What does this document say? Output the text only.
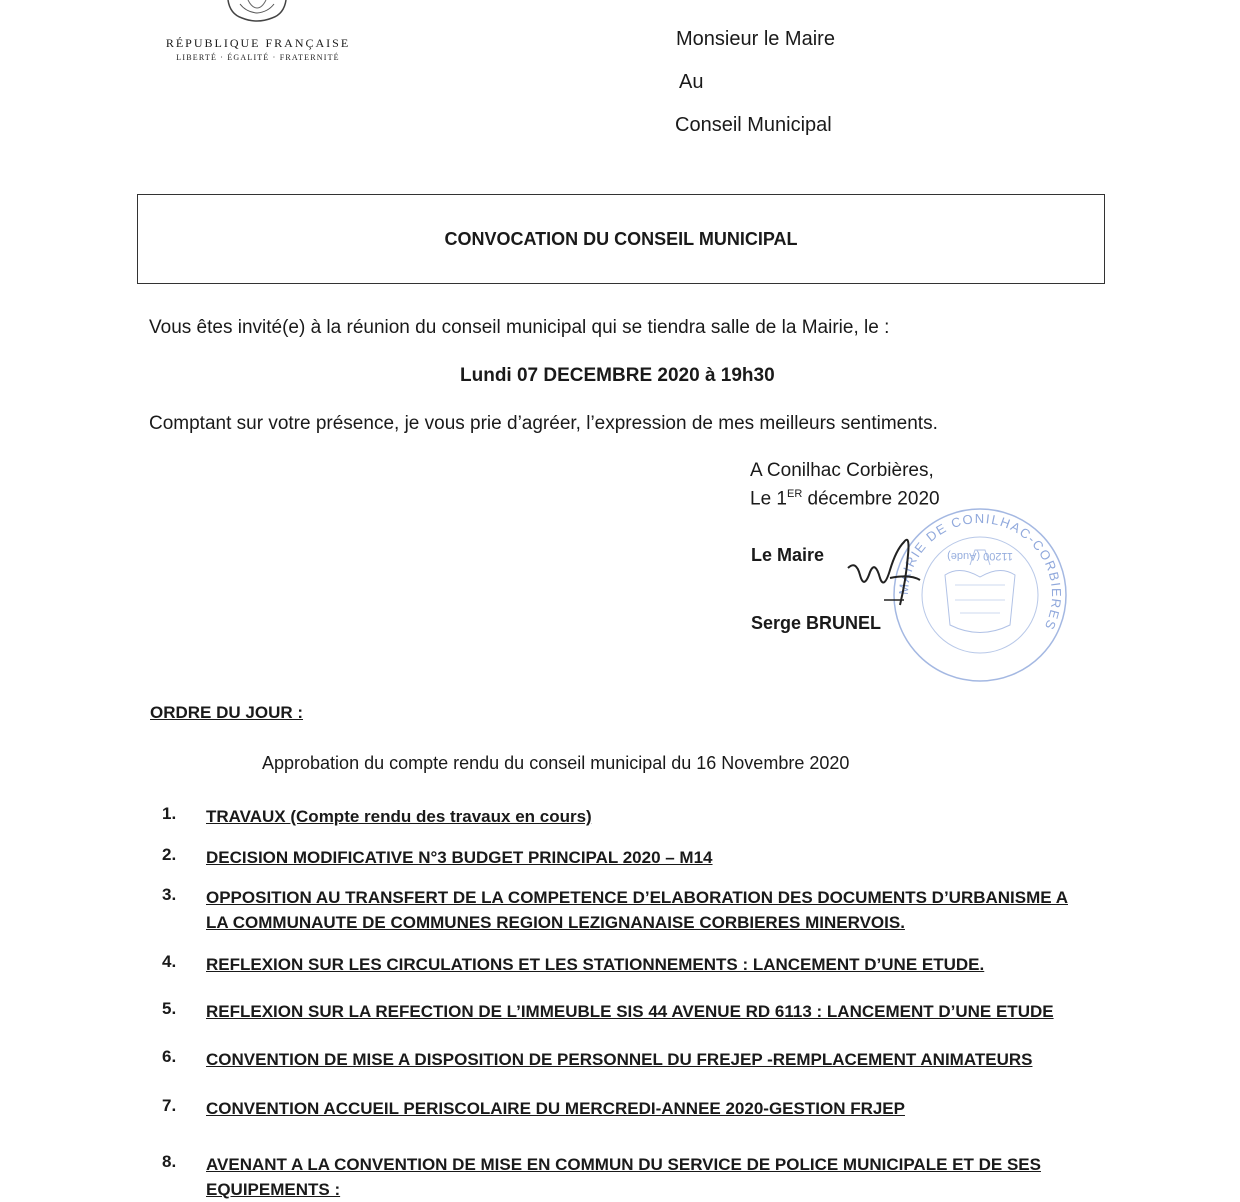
RÉPUBLIQUE FRANÇAISE
LIBERTÉ · ÉGALITÉ · FRATERNITÉ
Monsieur le Maire
Au
Conseil Municipal
CONVOCATION DU CONSEIL MUNICIPAL
Vous êtes invité(e) à la réunion du conseil municipal qui se tiendra salle de la Mairie, le :
Lundi 07 DECEMBRE 2020 à 19h30
Comptant sur votre présence, je vous prie d’agréer, l’expression de mes meilleurs sentiments.
MAIRIE DE CONILHAC-CORBIERES
11200 (Aude)
A Conilhac Corbières,
Le 1ER décembre 2020
Le Maire
Serge BRUNEL
ORDRE DU JOUR :
Approbation du compte rendu du conseil municipal du 16 Novembre 2020
1.	TRAVAUX (Compte rendu des travaux en cours)
2.	DECISION MODIFICATIVE N°3 BUDGET PRINCIPAL 2020 – M14
3.	OPPOSITION AU TRANSFERT DE LA COMPETENCE D’ELABORATION DES DOCUMENTS D’URBANISME A LA COMMUNAUTE DE COMMUNES REGION LEZIGNANAISE CORBIERES MINERVOIS.
4.	REFLEXION SUR LES CIRCULATIONS ET LES STATIONNEMENTS : LANCEMENT D’UNE ETUDE.
5.	REFLEXION SUR LA REFECTION DE L’IMMEUBLE SIS 44 AVENUE RD 6113 : LANCEMENT D’UNE ETUDE
6.	CONVENTION DE MISE A DISPOSITION DE PERSONNEL DU FREJEP -REMPLACEMENT ANIMATEURS
7.	CONVENTION ACCUEIL PERISCOLAIRE DU MERCREDI-ANNEE 2020-GESTION FRJEP
8.	AVENANT A LA CONVENTION DE MISE EN COMMUN DU SERVICE DE POLICE MUNICIPALE ET DE SES EQUIPEMENTS :
